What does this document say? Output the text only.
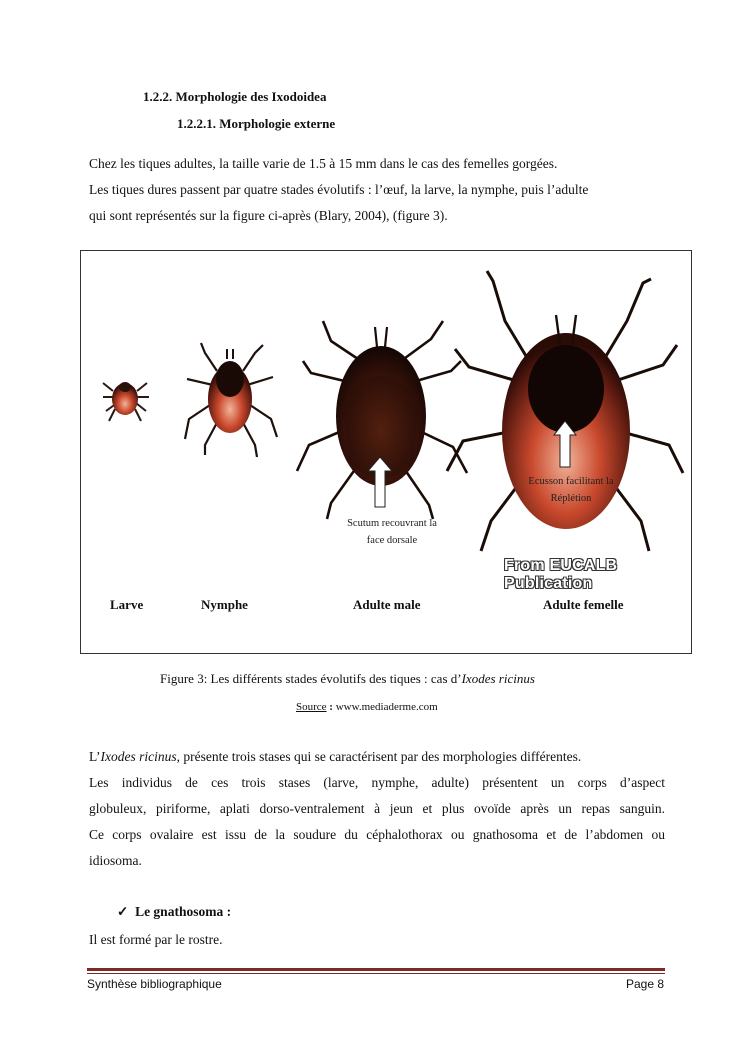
1.2.2. Morphologie des Ixodoidea
1.2.2.1. Morphologie externe
Chez les tiques adultes, la taille varie de 1.5 à 15 mm dans le cas des femelles gorgées.
Les tiques dures passent par quatre stades évolutifs : l’œuf, la larve, la nymphe, puis l’adulte
qui sont représentés sur la figure ci-après (Blary, 2004), (figure 3).
Scutum recouvrant la
face dorsale
Ecusson facilitant la
Réplétion
From EUCALB Publication
Larve	Nymphe	Adulte male	Adulte femelle
Figure 3: Les différents stades évolutifs des tiques : cas d’Ixodes ricinus
Source : www.mediaderme.com
L’Ixodes ricinus, présente trois stases qui se caractérisent par des morphologies différentes.
Les individus de ces trois stases (larve, nymphe, adulte) présentent un corps d’aspect
globuleux, piriforme, aplati dorso-ventralement à jeun et plus ovoïde après un repas sanguin.
Ce corps ovalaire est issu de la soudure du céphalothorax ou gnathosoma et de l’abdomen ou
idiosoma.
✓ Le gnathosoma :
Il est formé par le rostre.
Synthèse bibliographique	Page 8
